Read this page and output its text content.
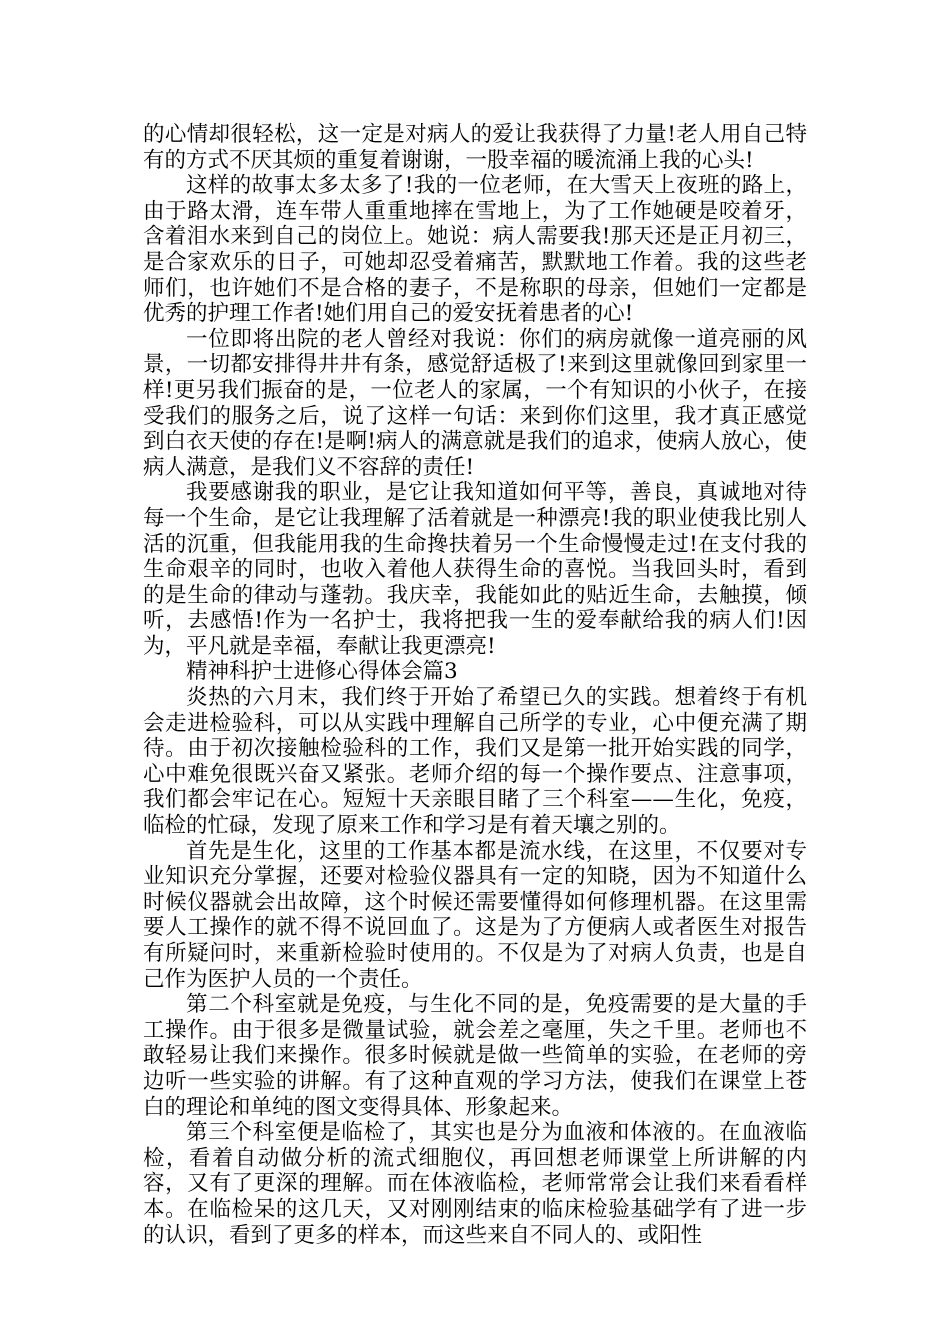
的心情却很轻松，这一定是对病人的爱让我获得了力量!老人用自己特有的方式不厌其烦的重复着谢谢，一股幸福的暖流涌上我的心头!

这样的故事太多太多了!我的一位老师，在大雪天上夜班的路上，由于路太滑，连车带人重重地摔在雪地上，为了工作她硬是咬着牙，含着泪水来到自己的岗位上。她说：病人需要我!那天还是正月初三，是合家欢乐的日子，可她却忍受着痛苦，默默地工作着。我的这些老师们，也许她们不是合格的妻子，不是称职的母亲，但她们一定都是优秀的护理工作者!她们用自己的爱安抚着患者的心!

一位即将出院的老人曾经对我说：你们的病房就像一道亮丽的风景，一切都安排得井井有条，感觉舒适极了!来到这里就像回到家里一样!更另我们振奋的是，一位老人的家属，一个有知识的小伙子，在接受我们的服务之后，说了这样一句话：来到你们这里，我才真正感觉到白衣天使的存在!是啊!病人的满意就是我们的追求，使病人放心，使病人满意，是我们义不容辞的责任!

我要感谢我的职业，是它让我知道如何平等，善良，真诚地对待每一个生命，是它让我理解了活着就是一种漂亮!我的职业使我比别人活的沉重，但我能用我的生命搀扶着另一个生命慢慢走过!在支付我的生命艰辛的同时，也收入着他人获得生命的喜悦。当我回头时，看到的是生命的律动与蓬勃。我庆幸，我能如此的贴近生命，去触摸，倾听，去感悟!作为一名护士，我将把我一生的爱奉献给我的病人们!因为，平凡就是幸福，奉献让我更漂亮!

精神科护士进修心得体会篇3

炎热的六月末，我们终于开始了希望已久的实践。想着终于有机会走进检验科，可以从实践中理解自己所学的专业，心中便充满了期待。由于初次接触检验科的工作，我们又是第一批开始实践的同学，心中难免很既兴奋又紧张。老师介绍的每一个操作要点、注意事项，我们都会牢记在心。短短十天亲眼目睹了三个科室——生化，免疫，临检的忙碌，发现了原来工作和学习是有着天壤之别的。

首先是生化，这里的工作基本都是流水线，在这里，不仅要对专业知识充分掌握，还要对检验仪器具有一定的知晓，因为不知道什么时候仪器就会出故障，这个时候还需要懂得如何修理机器。在这里需要人工操作的就不得不说回血了。这是为了方便病人或者医生对报告有所疑问时，来重新检验时使用的。不仅是为了对病人负责，也是自己作为医护人员的一个责任。

第二个科室就是免疫，与生化不同的是，免疫需要的是大量的手工操作。由于很多是微量试验，就会差之毫厘，失之千里。老师也不敢轻易让我们来操作。很多时候就是做一些简单的实验，在老师的旁边听一些实验的讲解。有了这种直观的学习方法，使我们在课堂上苍白的理论和单纯的图文变得具体、形象起来。

第三个科室便是临检了，其实也是分为血液和体液的。在血液临检，看着自动做分析的流式细胞仪，再回想老师课堂上所讲解的内容，又有了更深的理解。而在体液临检，老师常常会让我们来看看样本。在临检呆的这几天，又对刚刚结束的临床检验基础学有了进一步的认识，看到了更多的样本，而这些来自不同人的、或阳性
